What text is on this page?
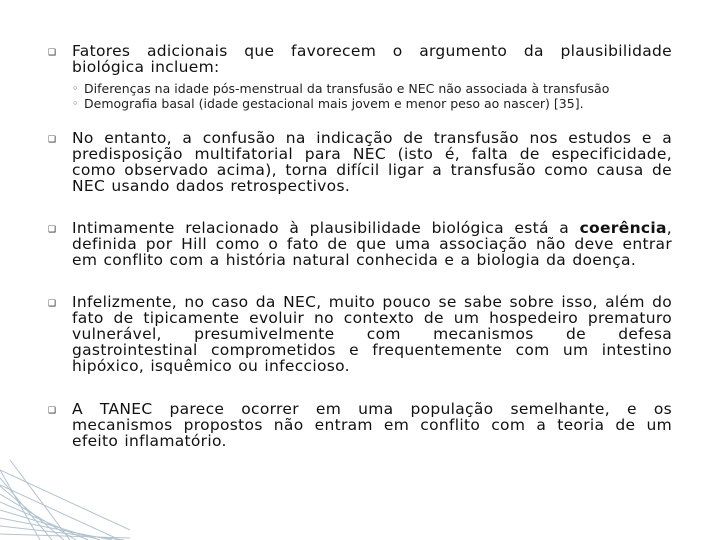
❑	Fatores adicionais que favorecem o argumento da plausibilidade biológica incluem:
◦ Diferenças na idade pós-menstrual da transfusão e NEC não associada à transfusão
◦ Demografia basal (idade gestacional mais jovem e menor peso ao nascer) [35].
❑	No entanto, a confusão na indicação de transfusão nos estudos e a predisposição multifatorial para NEC (isto é, falta de especificidade, como observado acima), torna difícil ligar a transfusão como causa de NEC usando dados retrospectivos.
❑	Intimamente relacionado à plausibilidade biológica está a coerência, definida por Hill como o fato de que uma associação não deve entrar em conflito com a história natural conhecida e a biologia da doença.
❑	Infelizmente, no caso da NEC, muito pouco se sabe sobre isso, além do fato de tipicamente evoluir no contexto de um hospedeiro prematuro vulnerável, presumivelmente com mecanismos de defesa gastrointestinal comprometidos e frequentemente com um intestino hipóxico, isquêmico ou infeccioso.
❑	A TANEC parece ocorrer em uma população semelhante, e os mecanismos propostos não entram em conflito com a teoria de um efeito inflamatório.
